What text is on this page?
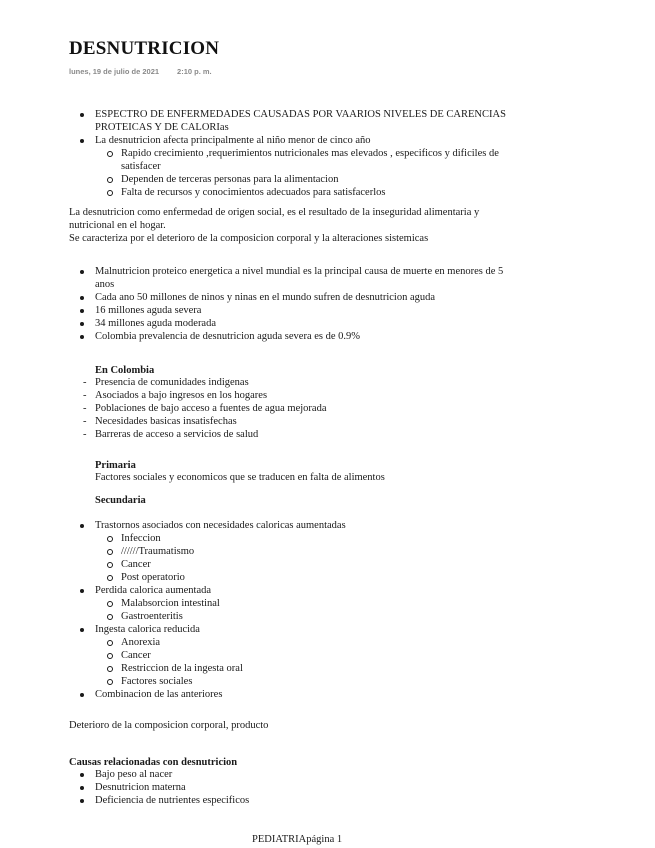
DESNUTRICION
lunes, 19 de julio de 2021 2:10 p. m.
ESPECTRO DE ENFERMEDADES CAUSADAS POR VAARIOS NIVELES DE CARENCIAS PROTEICAS Y DE CALORIas
La desnutricion afecta principalmente al niño menor de cinco año
Rapido crecimiento ,requerimientos nutricionales mas elevados , especificos y dificiles de satisfacer
Dependen de terceras personas para la alimentacion
Falta de recursos y conocimientos adecuados para satisfacerlos
La desnutricion como enfermedad de origen social, es el resultado de la inseguridad alimentaria y nutricional en el hogar.
Se caracteriza por el deterioro de la composicion corporal y la alteraciones sistemicas
Malnutricion proteico energetica a nivel mundial es la principal causa de muerte en menores de 5 anos
Cada ano 50 millones de ninos y ninas en el mundo sufren de desnutricion aguda
16 millones aguda severa
34 millones aguda moderada
Colombia prevalencia de desnutricion aguda severa es de 0.9%
En Colombia
- Presencia de comunidades indigenas
- Asociados a bajo ingresos en los hogares
- Poblaciones de bajo acceso a fuentes de agua mejorada
- Necesidades basicas insatisfechas
- Barreras de acceso a servicios de salud
Primaria
Factores sociales y economicos que se traducen en falta de alimentos
Secundaria
Trastornos asociados con necesidades caloricas aumentadas
Infeccion
//////Traumatismo
Cancer
Post operatorio
Perdida calorica aumentada
Malabsorcion intestinal
Gastroenteritis
Ingesta calorica reducida
Anorexia
Cancer
Restriccion de la ingesta oral
Factores sociales
Combinacion de las anteriores
Deterioro de la composicion corporal, producto
Causas relacionadas con desnutricion
Bajo peso al nacer
Desnutricion materna
Deficiencia de nutrientes especificos
PEDIATRIApágina 1
